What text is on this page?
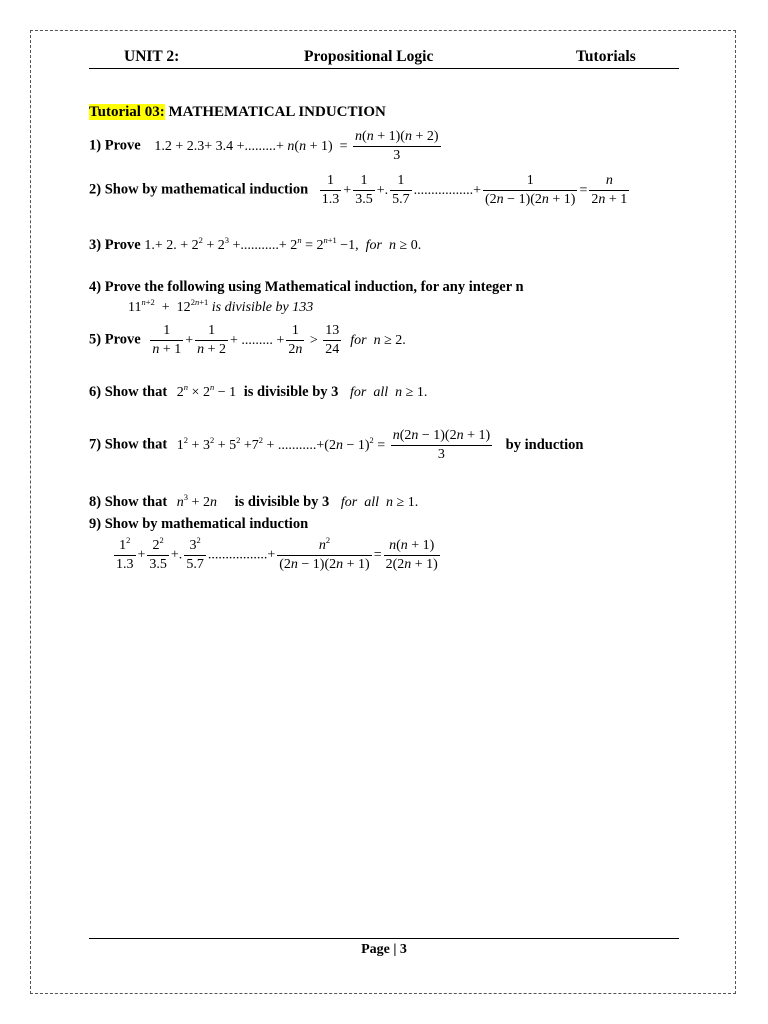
UNIT 2:	Propositional Logic	Tutorials
Tutorial 03: MATHEMATICAL INDUCTION
1) Prove 1.2 + 2.3+ 3.4 +.........+ $n(n + 1) = \frac{n(n + 1)(n + 2)}{3}$
2) Show by mathematical induction $\frac{1}{1.3} + \frac{1}{3.5}$ +. $\frac{1}{5.7}$ .................+ $\frac{1}{(2n - 1)(2n + 1)} = \frac{n}{2n + 1}$
3) Prove 1.+ 2. + $2^2 + 2^3$ +...........+ $2^n = 2^{n+1} -1$,  for n ≥ 0.
4) Prove the following using Mathematical induction, for any integer n
$11^{n+2} + 12^{2n+1}$ is divisible by 133
5) Prove $\frac{1}{n + 1} + \frac{1}{n + 2}$ + ......... + $\frac{1}{2n} > \frac{13}{24}$ for n ≥ 2.
6) Show that $2^n \times 2^n - 1$ is divisible by 3 for all n ≥ 1.
7) Show that $1^2 + 3^2 + 5^2 +7^2 + ...........+(2n - 1)^2 = \frac{n(2n - 1)(2n + 1)}{3}$ by induction
8) Show that $n^3 + 2n$ is divisible by 3 for all n ≥ 1.
9) Show by mathematical induction
$\frac{1^2}{1.3} + \frac{2^2}{3.5}$ +. $\frac{3^2}{5.7}$ .................+ $\frac{n^2}{(2n - 1)(2n + 1)} = \frac{n(n + 1)}{2(2n + 1)}$
Page | 3
